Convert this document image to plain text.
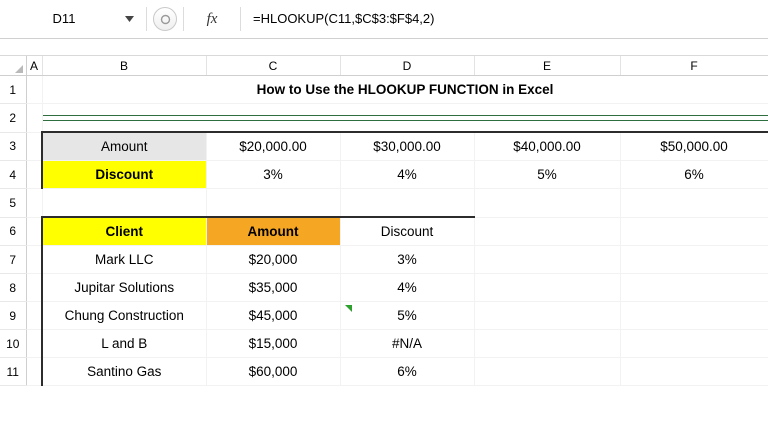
D11	fx	=HLOOKUP(C11,$C$3:$F$4,2)
	A	B	C	D	E	F
1		How to Use the HLOOKUP FUNCTION in Excel				
2						

3		Amount	$20,000.00	$30,000.00	$40,000.00	$50,000.00
4		Discount	3%	4%	5%	6%
5						
6		Client	Amount	Discount		
7		Mark LLC	$20,000	3%		
8		Jupitar Solutions	$35,000	4%		
9		Chung Construction	$45,000	5%

10		L and B	$15,000	#N/A		
11		Santino Gas	$60,000	6%		
